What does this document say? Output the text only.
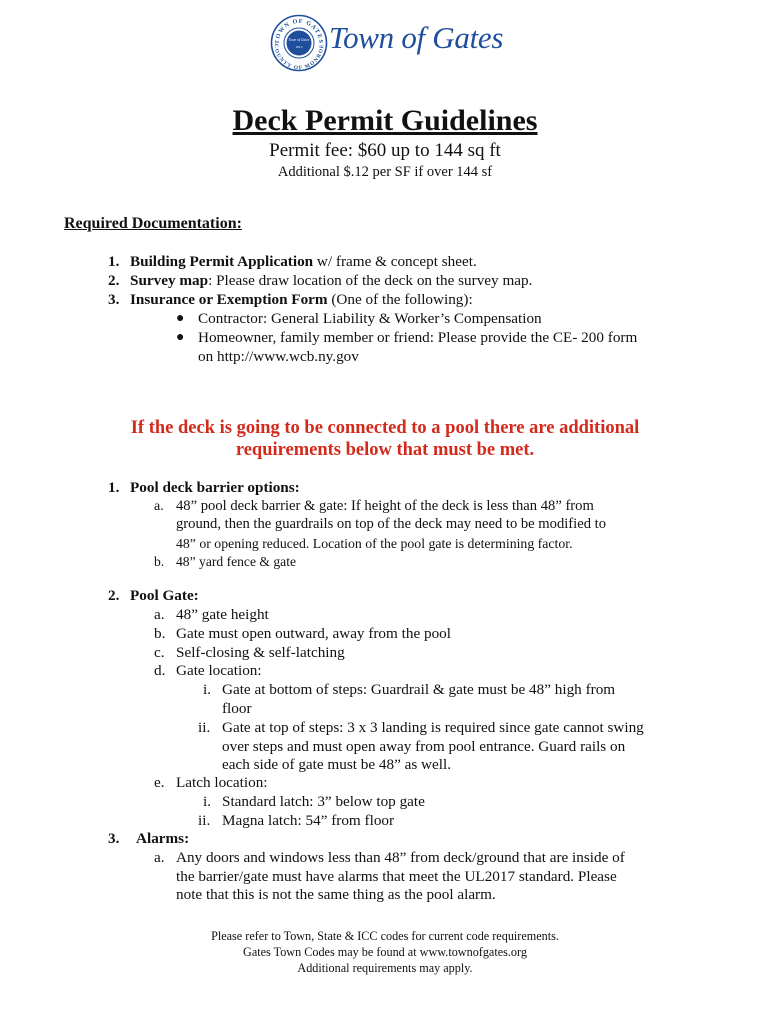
TOWN OF GATES
COUNTY OF MONROE
Town of Gates
1813 Town of Gates
Deck Permit Guidelines
Permit fee: $60 up to 144 sq ft
Additional $.12 per SF if over 144 sf
Required Documentation:
1. Building Permit Application w/ frame & concept sheet.
2. Survey map: Please draw location of the deck on the survey map.
3. Insurance or Exemption Form (One of the following):
● Contractor: General Liability & Worker’s Compensation
● Homeowner, family member or friend: Please provide the CE- 200 form
on http://www.wcb.ny.gov
If the deck is going to be connected to a pool there are additional
requirements below that must be met.
1. Pool deck barrier options:
a. 48” pool deck barrier & gate: If height of the deck is less than 48” from
ground, then the guardrails on top of the deck may need to be modified to
48” or opening reduced. Location of the pool gate is determining factor.
b. 48” yard fence & gate
2. Pool Gate:
a. 48” gate height
b. Gate must open outward, away from the pool
c. Self-closing & self-latching
d. Gate location:
i. Gate at bottom of steps: Guardrail & gate must be 48” high from
floor
ii. Gate at top of steps: 3 x 3 landing is required since gate cannot swing
over steps and must open away from pool entrance. Guard rails on
each side of gate must be 48” as well.
e. Latch location:
i. Standard latch: 3” below top gate
ii. Magna latch: 54” from floor
3. Alarms:
a. Any doors and windows less than 48” from deck/ground that are inside of
the barrier/gate must have alarms that meet the UL2017 standard. Please
note that this is not the same thing as the pool alarm.
Please refer to Town, State & ICC codes for current code requirements.
Gates Town Codes may be found at www.townofgates.org
Additional requirements may apply.
